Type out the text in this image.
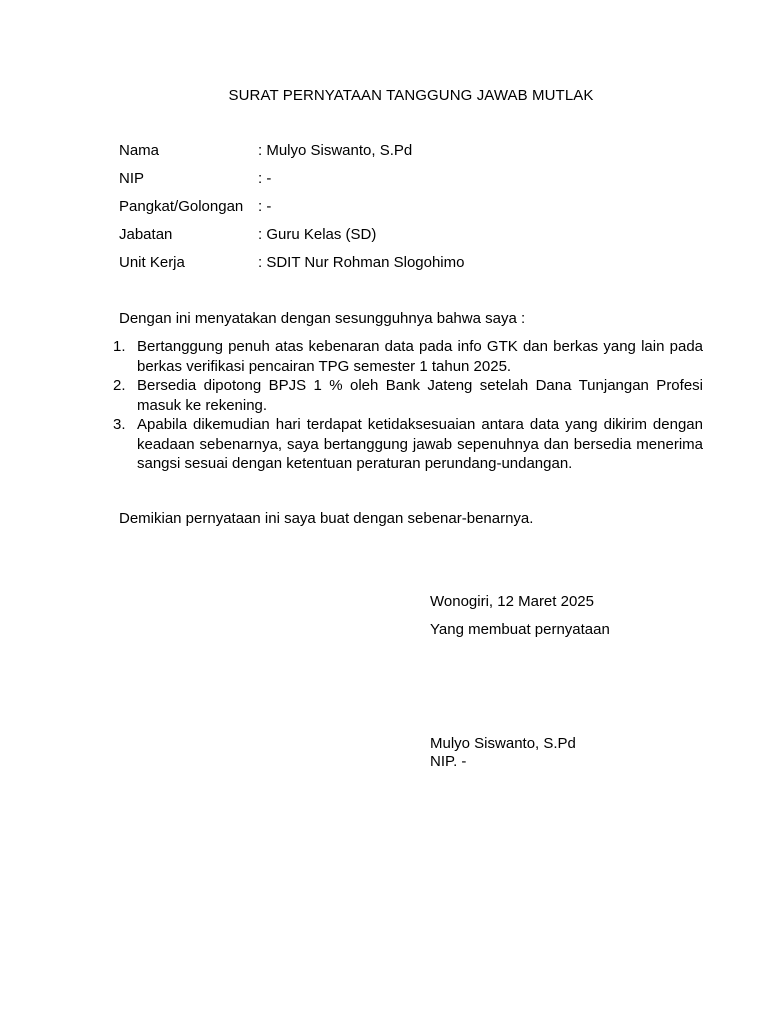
SURAT PERNYATAAN TANGGUNG JAWAB MUTLAK
Nama	: Mulyo Siswanto, S.Pd
NIP	: -
Pangkat/Golongan : -
Jabatan	: Guru Kelas (SD)
Unit Kerja	: SDIT Nur Rohman Slogohimo
Dengan ini menyatakan dengan sesungguhnya bahwa saya :
1. Bertanggung penuh atas kebenaran data pada info GTK dan berkas yang lain pada berkas verifikasi pencairan TPG semester 1 tahun 2025.
2. Bersedia dipotong BPJS 1 % oleh Bank Jateng setelah Dana Tunjangan Profesi masuk ke rekening.
3. Apabila dikemudian hari terdapat ketidaksesuaian antara data yang dikirim dengan keadaan sebenarnya, saya bertanggung jawab sepenuhnya dan bersedia menerima sangsi sesuai dengan ketentuan peraturan perundang-undangan.
Demikian pernyataan ini saya buat dengan sebenar-benarnya.
Wonogiri, 12 Maret 2025
Yang membuat pernyataan
Mulyo Siswanto, S.Pd
NIP. -
